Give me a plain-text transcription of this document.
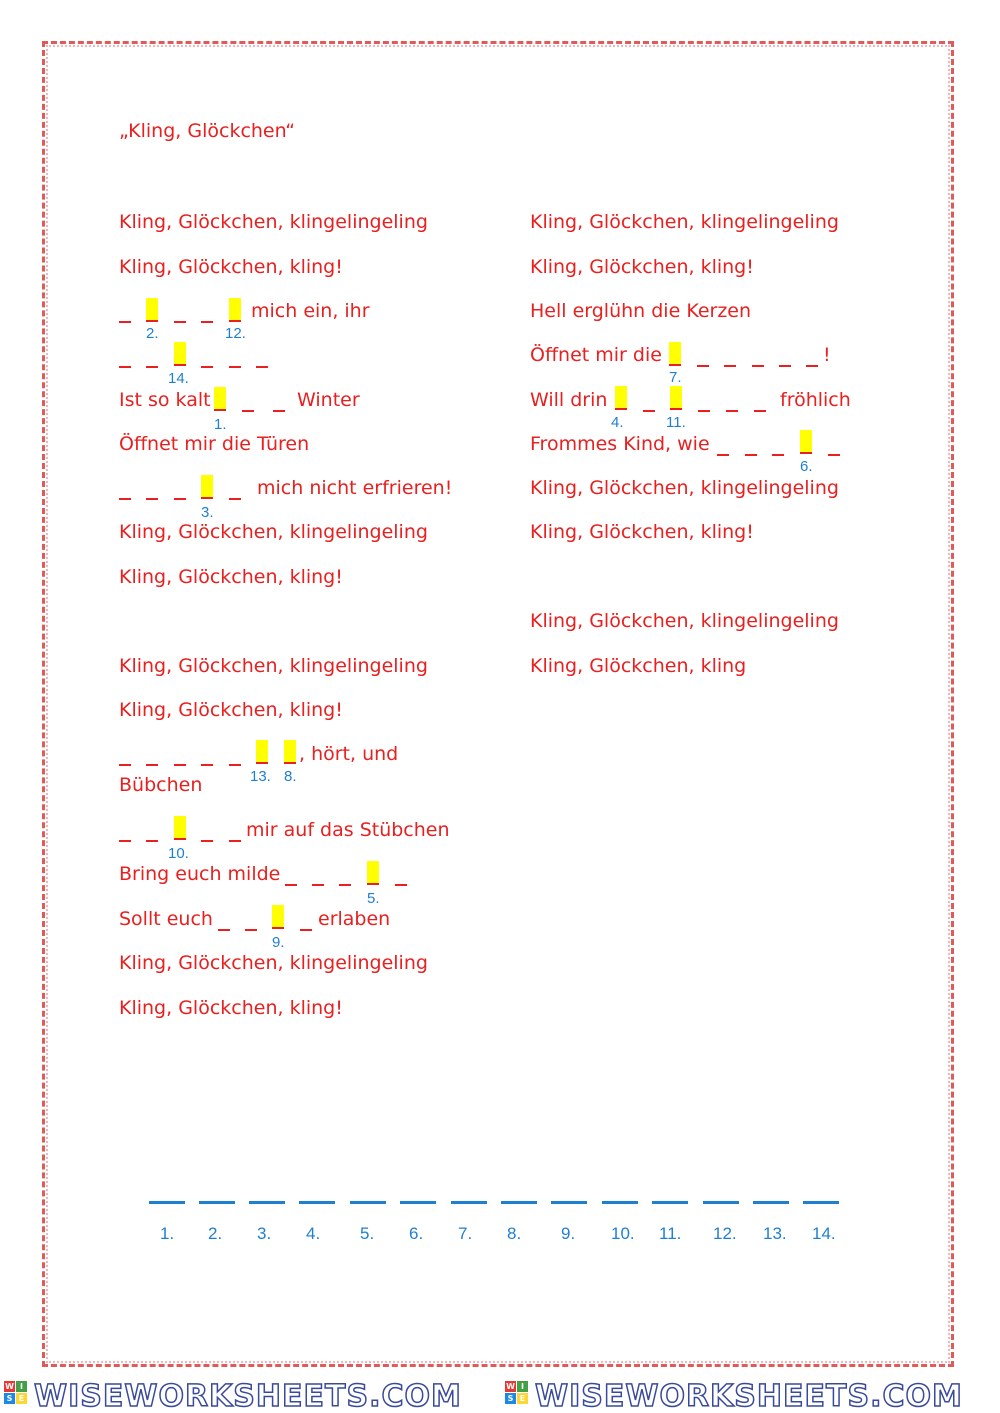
„Kling, Glöckchen“
Kling, Glöckchen, klingelingeling
Kling, Glöckchen, kling!
2.	12.
mich ein, ihr
14.
Ist so kalt
1.
Winter
Öffnet mir die Türen
3.
mich nicht erfrieren!
Kling, Glöckchen, klingelingeling
Kling, Glöckchen, kling!
Kling, Glöckchen, klingelingeling
Kling, Glöckchen, kling!
13. 8.
, hört, und
Bübchen
10.
mir auf das Stübchen
Bring euch milde
5.
Sollt euch
9.
erlaben
Kling, Glöckchen, klingelingeling
Kling, Glöckchen, kling!
Kling, Glöckchen, klingelingeling
Kling, Glöckchen, kling!
Hell erglühn die Kerzen
Öffnet mir die
7.
!
Will drin
4.	11.
fröhlich
Frommes Kind, wie
6.
Kling, Glöckchen, klingelingeling
Kling, Glöckchen, kling!
Kling, Glöckchen, klingelingeling
Kling, Glöckchen, kling
1. 2. 3. 4. 5. 6. 7. 8. 9. 10. 11. 12. 13. 14.
W I
S E WISEWORKSHEETS.COM	W I
S E WISEWORKSHEETS.COM
